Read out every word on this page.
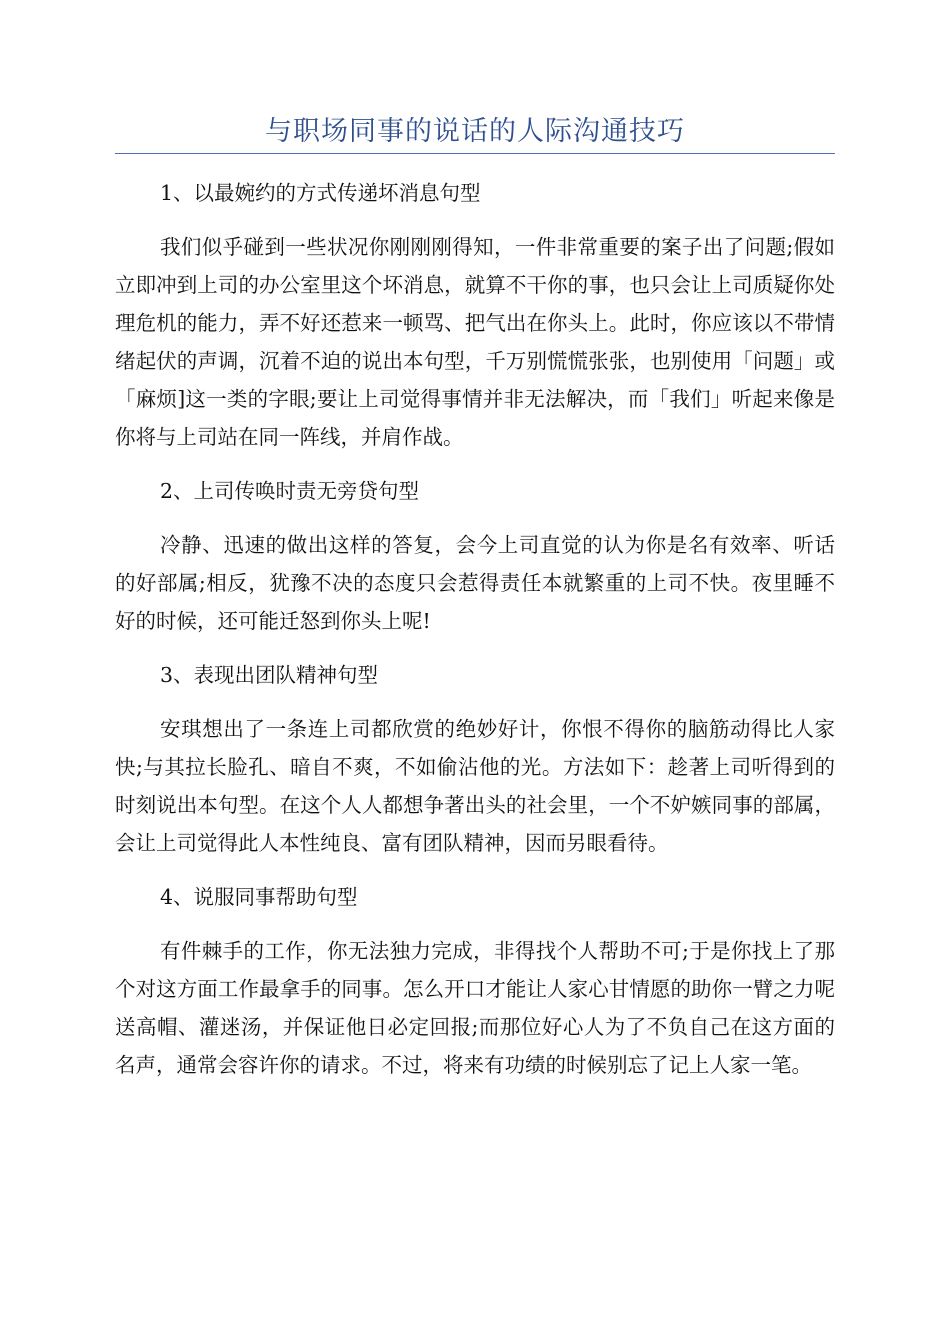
与职场同事的说话的人际沟通技巧

1、以最婉约的方式传递坏消息句型

我们似乎碰到一些状况你刚刚刚得知，一件非常重要的案子出了问题;假如立即冲到上司的办公室里这个坏消息，就算不干你的事，也只会让上司质疑你处理危机的能力，弄不好还惹来一顿骂、把气出在你头上。此时，你应该以不带情绪起伏的声调，沉着不迫的说出本句型，千万别慌慌张张，也别使用「问题」或「麻烦]这一类的字眼;要让上司觉得事情并非无法解决，而「我们」听起来像是你将与上司站在同一阵线，并肩作战。

2、上司传唤时责无旁贷句型

冷静、迅速的做出这样的答复，会今上司直觉的认为你是名有效率、听话的好部属;相反，犹豫不决的态度只会惹得责任本就繁重的上司不快。夜里睡不好的时候，还可能迁怒到你头上呢!

3、表现出团队精神句型

安琪想出了一条连上司都欣赏的绝妙好计，你恨不得你的脑筋动得比人家快;与其拉长脸孔、暗自不爽，不如偷沾他的光。方法如下：趁著上司听得到的时刻说出本句型。在这个人人都想争著出头的社会里，一个不妒嫉同事的部属，会让上司觉得此人本性纯良、富有团队精神，因而另眼看待。

4、说服同事帮助句型

有件棘手的工作，你无法独力完成，非得找个人帮助不可;于是你找上了那个对这方面工作最拿手的同事。怎么开口才能让人家心甘情愿的助你一臂之力呢送高帽、灌迷汤，并保证他日必定回报;而那位好心人为了不负自己在这方面的名声，通常会容许你的请求。不过，将来有功绩的时候别忘了记上人家一笔。
